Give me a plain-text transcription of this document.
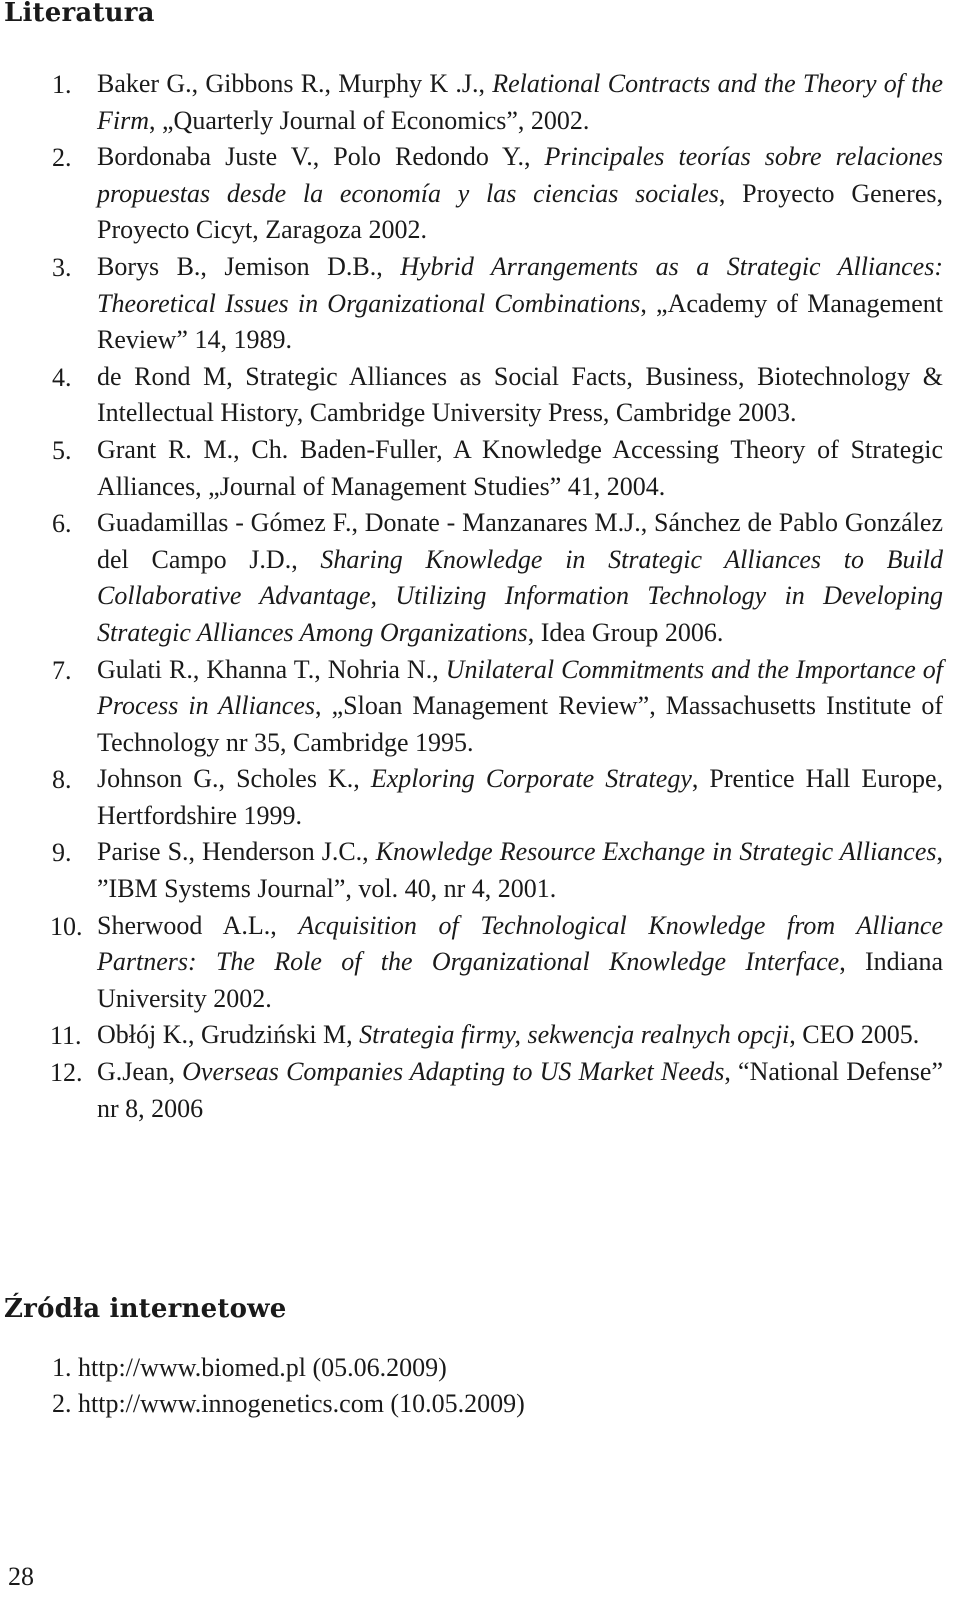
Literatura
1. Baker G., Gibbons R., Murphy K .J., Relational Contracts and the Theory of the Firm, „Quarterly Journal of Economics”, 2002.
2. Bordonaba Juste V., Polo Redondo Y., Principales teorías sobre relaciones propuestas desde la economía y las ciencias sociales, Proyecto Generes, Proyecto Cicyt, Zaragoza 2002.
3. Borys B., Jemison D.B., Hybrid Arrangements as a Strategic Alliances: Theoretical Issues in Organizational Combinations, „Academy of Management Review” 14, 1989.
4. de Rond M, Strategic Alliances as Social Facts, Business, Biotechnology & Intellectual History, Cambridge University Press, Cambridge 2003.
5. Grant R. M., Ch. Baden-Fuller, A Knowledge Accessing Theory of Strategic Alliances, „Journal of Management Studies” 41, 2004.
6. Guadamillas - Gómez F., Donate - Manzanares M.J., Sánchez de Pablo González del Campo J.D., Sharing Knowledge in Strategic Alliances to Build Collaborative Advantage, Utilizing Information Technology in Developing Strategic Alliances Among Organizations, Idea Group 2006.
7. Gulati R., Khanna T., Nohria N., Unilateral Commitments and the Importance of Process in Alliances, „Sloan Management Review”, Massachusetts Institute of Technology nr 35, Cambridge 1995.
8. Johnson G., Scholes K., Exploring Corporate Strategy, Prentice Hall Europe, Hertfordshire 1999.
9. Parise S., Henderson J.C., Knowledge Resource Exchange in Strategic Alliances, ”IBM Systems Journal”, vol. 40, nr 4, 2001.
10. Sherwood A.L., Acquisition of Technological Knowledge from Alliance Partners: The Role of the Organizational Knowledge Interface, Indiana University 2002.
11. Obłój K., Grudziński M, Strategia firmy, sekwencja realnych opcji, CEO 2005.
12. G.Jean, Overseas Companies Adapting to US Market Needs, “National Defense” nr 8, 2006
Źródła internetowe
1. http://www.biomed.pl (05.06.2009)
2. http://www.innogenetics.com (10.05.2009)
28
